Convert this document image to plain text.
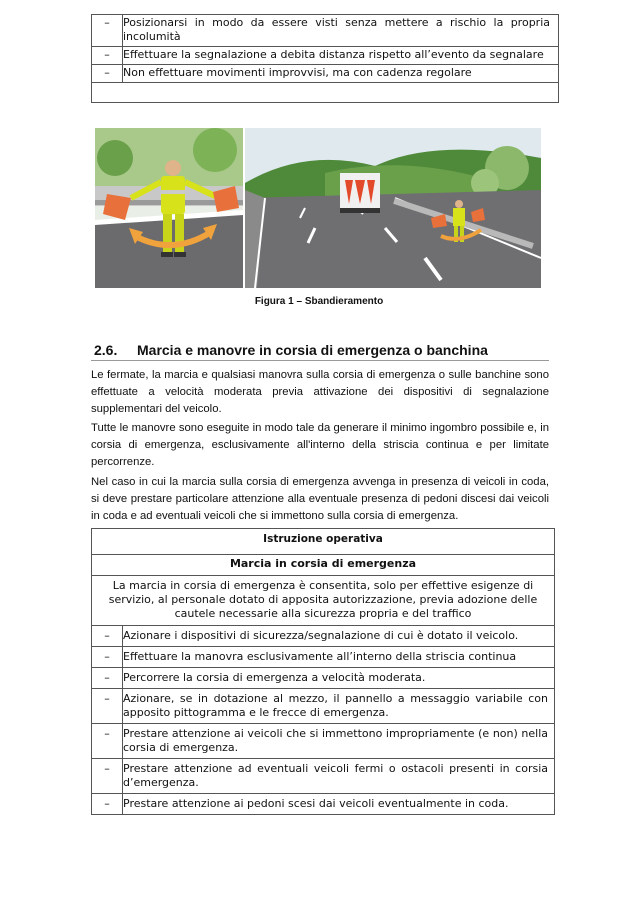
–	Posizionarsi in modo da essere visti senza mettere a rischio la propria incolumità
–	Effettuare la segnalazione a debita distanza rispetto all’evento da segnalare
–	Non effettuare movimenti improvvisi, ma con cadenza regolare

Figura 1 – Sbandieramento
2.6. Marcia e manovre in corsia di emergenza o banchina

Le fermate, la marcia e qualsiasi manovra sulla corsia di emergenza o sulle banchine sono effettuate a velocità moderata previa attivazione dei dispositivi di segnalazione supplementari del veicolo.

Tutte le manovre sono eseguite in modo tale da generare il minimo ingombro possibile e, in corsia di emergenza, esclusivamente all'interno della striscia continua e per limitate percorrenze.

Nel caso in cui la marcia sulla corsia di emergenza avvenga in presenza di veicoli in coda, si deve prestare particolare attenzione alla eventuale presenza di pedoni discesi dai veicoli in coda e ad eventuali veicoli che si immettono sulla corsia di emergenza.

Istruzione operativa	
Marcia in corsia di emergenza	
La marcia in corsia di emergenza è consentita, solo per effettive esigenze di servizio, al personale dotato di apposita autorizzazione, previa adozione delle cautele necessarie alla sicurezza propria e del traffico	
–	Azionare i dispositivi di sicurezza/segnalazione di cui è dotato il veicolo.
–	Effettuare la manovra esclusivamente all’interno della striscia continua
–	Percorrere la corsia di emergenza a velocità moderata.
–	Azionare, se in dotazione al mezzo, il pannello a messaggio variabile con apposito pittogramma e le frecce di emergenza.
–	Prestare attenzione ai veicoli che si immettono impropriamente (e non) nella corsia di emergenza.
–	Prestare attenzione ad eventuali veicoli fermi o ostacoli presenti in corsia d’emergenza.
–	Prestare attenzione ai pedoni scesi dai veicoli eventualmente in coda.
